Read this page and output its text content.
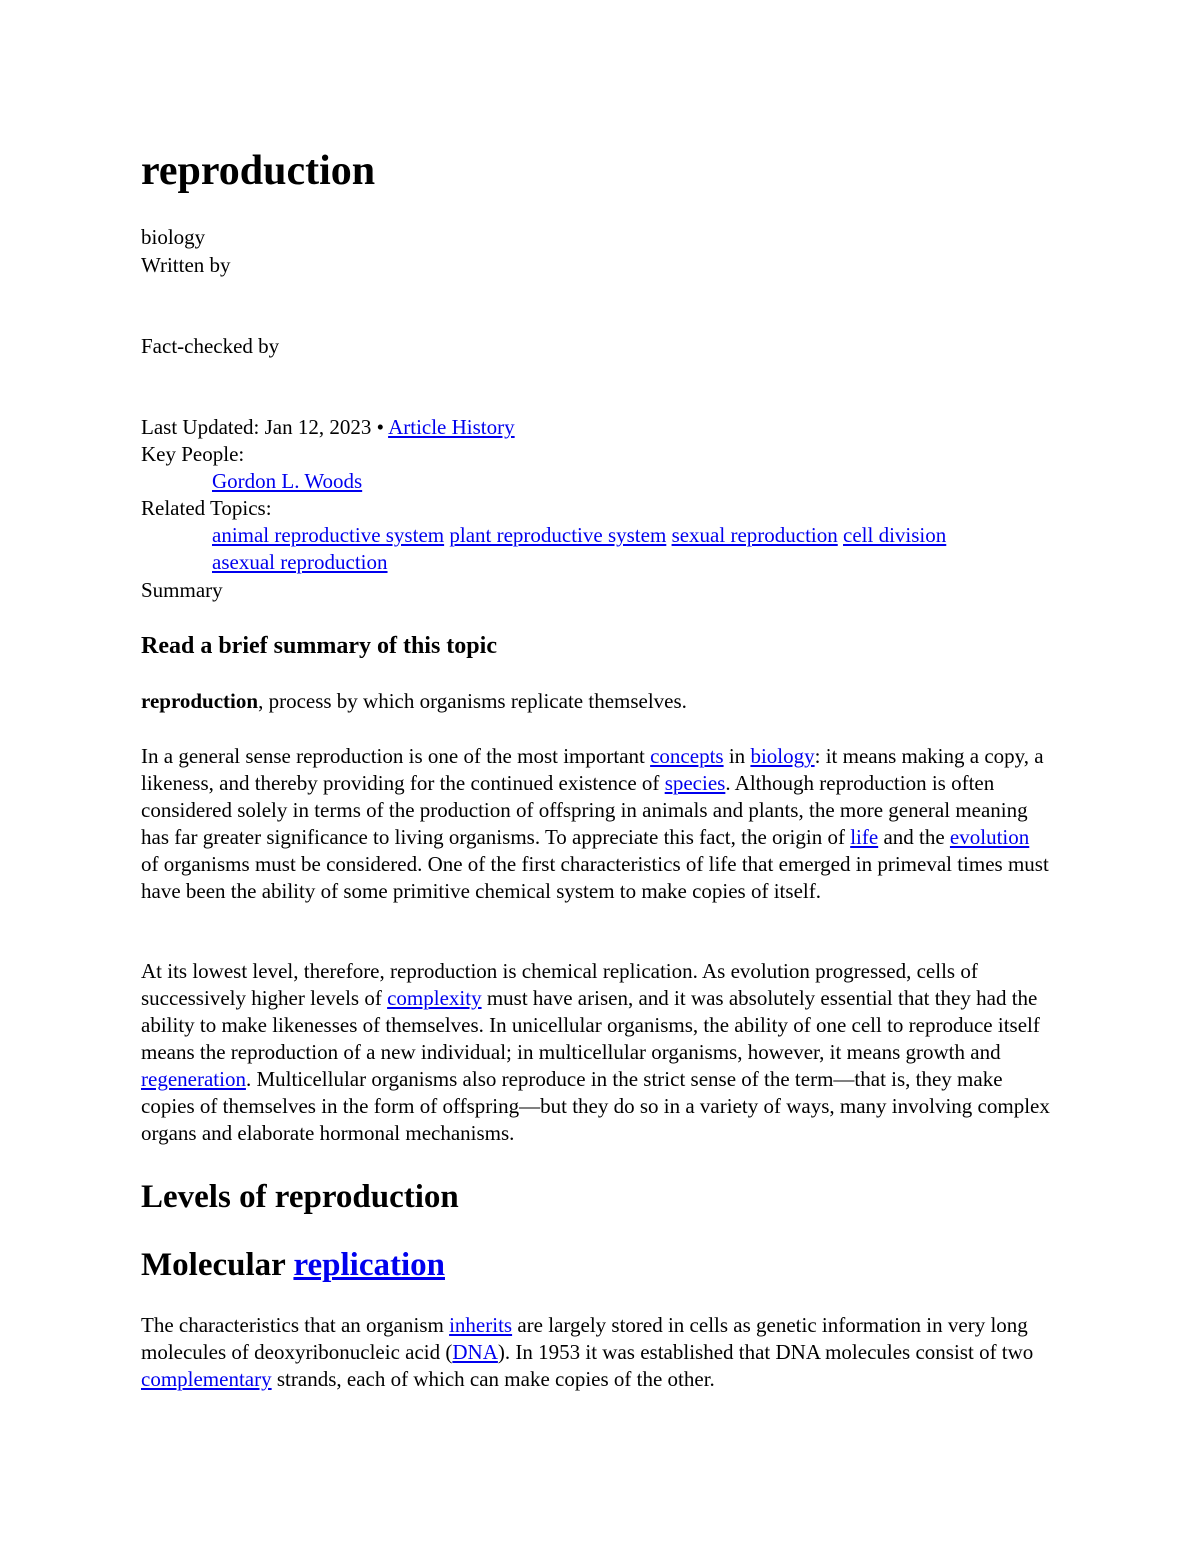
reproduction
biology
Written by
Fact-checked by
Last Updated: Jan 12, 2023 • Article History
Key People:
Gordon L. Woods
Related Topics:
animal reproductive system plant reproductive system sexual reproduction cell division
asexual reproduction
Summary
Read a brief summary of this topic

reproduction, process by which organisms replicate themselves.

In a general sense reproduction is one of the most important concepts in biology: it means making a copy, a likeness, and thereby providing for the continued existence of species. Although reproduction is often considered solely in terms of the production of offspring in animals and plants, the more general meaning has far greater significance to living organisms. To appreciate this fact, the origin of life and the evolution of organisms must be considered. One of the first characteristics of life that emerged in primeval times must have been the ability of some primitive chemical system to make copies of itself.

At its lowest level, therefore, reproduction is chemical replication. As evolution progressed, cells of successively higher levels of complexity must have arisen, and it was absolutely essential that they had the ability to make likenesses of themselves. In unicellular organisms, the ability of one cell to reproduce itself means the reproduction of a new individual; in multicellular organisms, however, it means growth and regeneration. Multicellular organisms also reproduce in the strict sense of the term—that is, they make copies of themselves in the form of offspring—but they do so in a variety of ways, many involving complex organs and elaborate hormonal mechanisms.

Levels of reproduction
Molecular replication

The characteristics that an organism inherits are largely stored in cells as genetic information in very long molecules of deoxyribonucleic acid (DNA). In 1953 it was established that DNA molecules consist of two complementary strands, each of which can make copies of the other.
